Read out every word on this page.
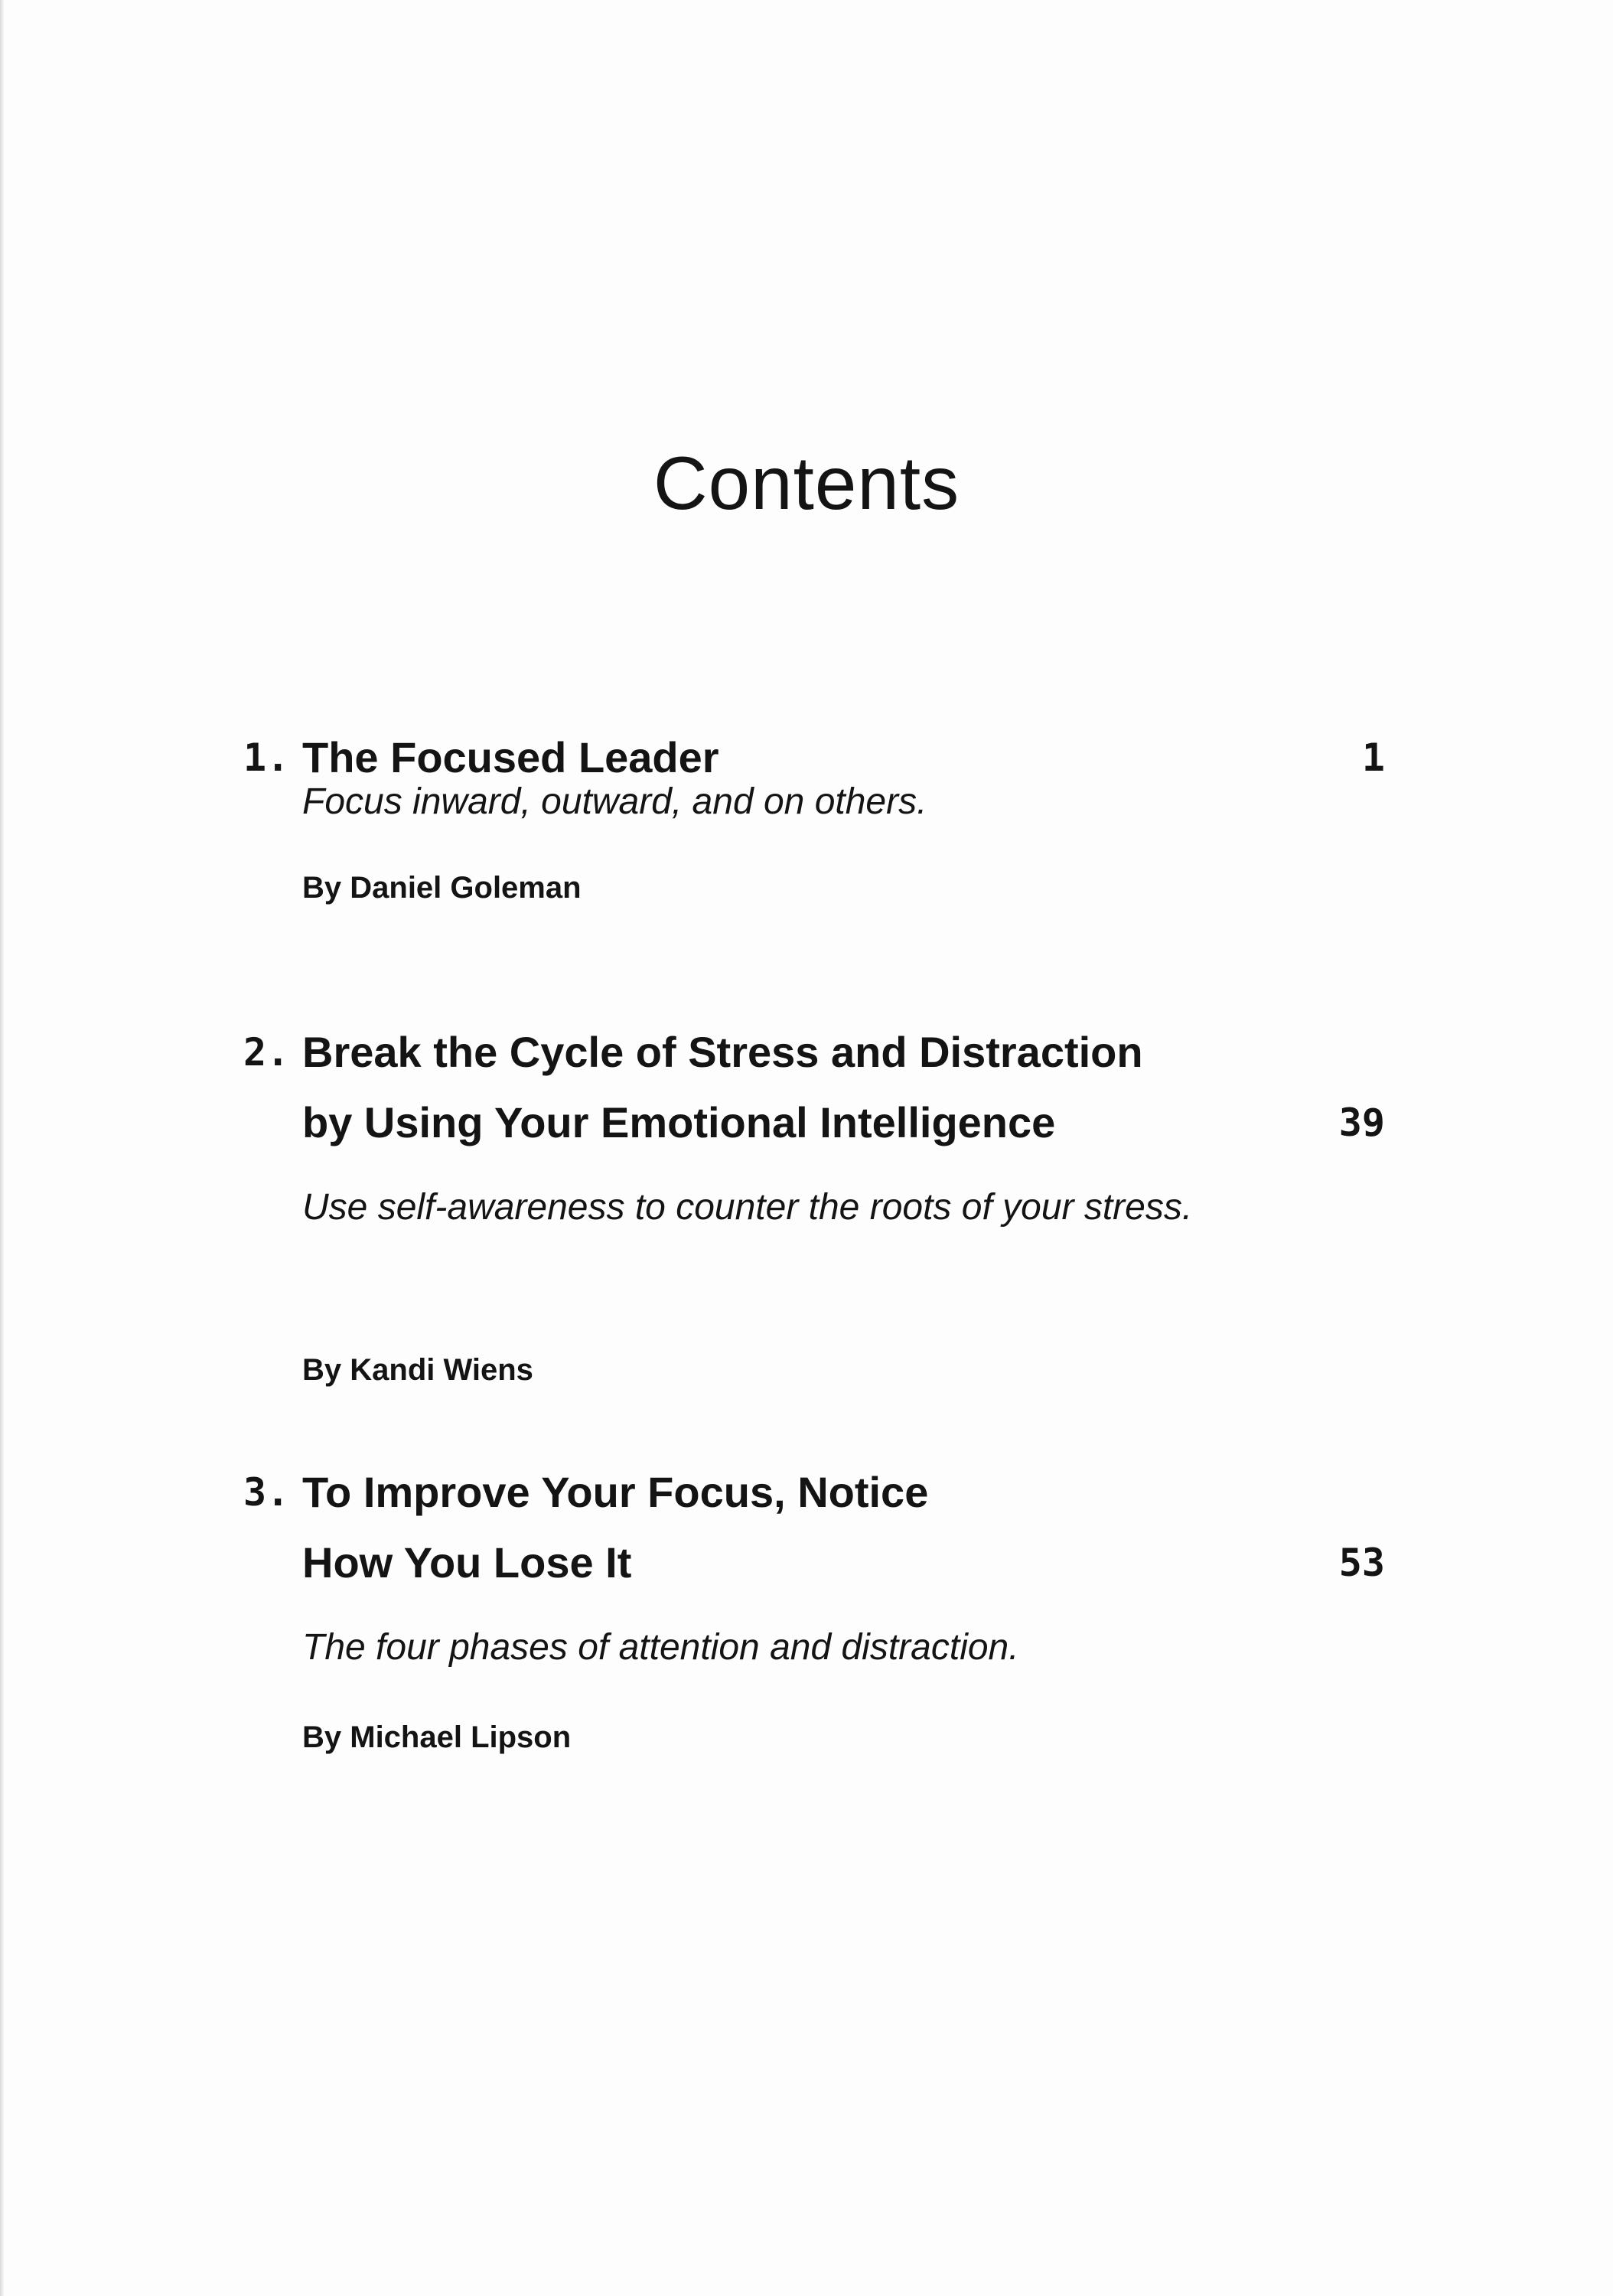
Contents
1. The Focused Leader	1
Focus inward, outward, and on others.
By Daniel Goleman
2. Break the Cycle of Stress and Distraction
by Using Your Emotional Intelligence	39
Use self-awareness to counter the roots of your stress.
By Kandi Wiens
3. To Improve Your Focus, Notice
How You Lose It	53
The four phases of attention and distraction.
By Michael Lipson
